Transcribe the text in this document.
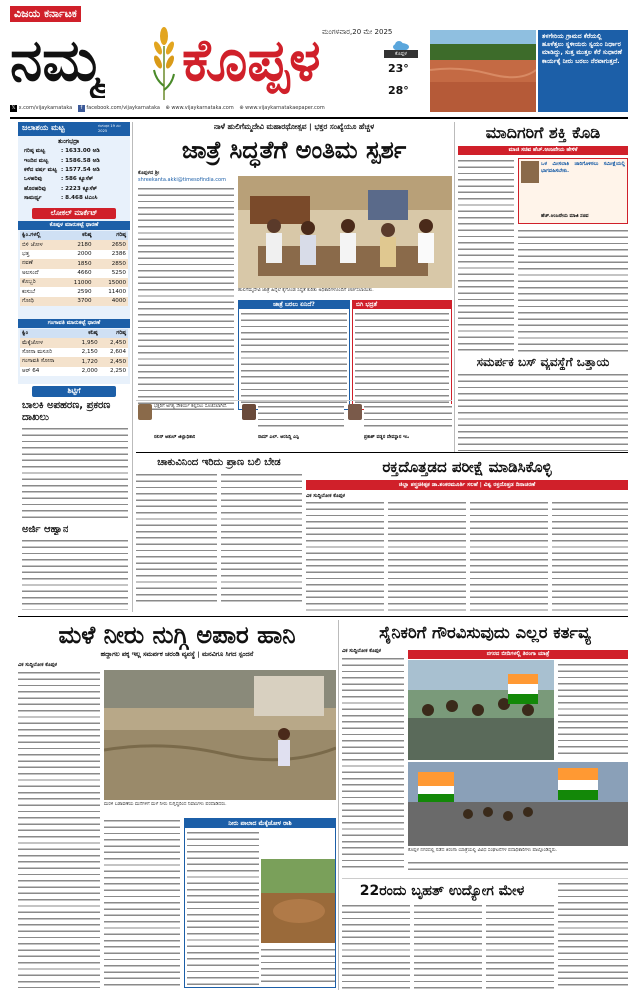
ವಿಜಯ ಕರ್ನಾಟಕ
ನಮ್ಮ ಕೊಪ್ಪಳ ಮಂಗಳವಾರ,20 ಮೇ 2025
ಕೊಪ್ಪಳ
23°
28°
ತಳಗೇರಿಯ ಗ್ರಾಮದ ಕೆರೆಯಲ್ಲಿ ಹೂಳೆತ್ತಲು ಸ್ಥಳೀಯರು ಸ್ವಯಂ ನಿರ್ಧಾರ ಮಾಡಿದ್ದು, ಸುತ್ತ ಮುತ್ತಲ ಕೆರೆ ಸುಧಾರಣೆ ಕಾರ್ಯಕ್ಕೆ ನೀರು ಬರಲು ನೆರವಾಗುತ್ತದೆ.
𝕏 x.com/vijaykarnataka f facebook.com/vijaykarnataka ⊕ www.vijaykarnataka.com ⊕ www.vijaykarnatakaepaper.com
ಜಲಾಶಯ ಮಟ್ಟ	ಕೆಂಗೆಂಥರ 19 ಮೇ 2025
ತುಂಗಭದ್ರಾ
ಗರಿಷ್ಠ ಮಟ್ಟ	: 1633.00 ಅಡಿ
ಇಂದಿನ ಮಟ್ಟ	: 1586.58 ಅಡಿ
ಕಳೆದ ವರ್ಷ ಮಟ್ಟ	: 1577.54 ಅಡಿ
ಒಳಹರಿವು	: 586 ಕ್ಯೂಸೆಕ್
ಹೊರಹರಿವು	: 2223 ಕ್ಯೂಸೆಕ್
ಸಾಮರ್ಥ್ಯ	: 8.468 ಟಿಎಂಸಿ
ಲೋಕಲ್ ಮಾರ್ಕೆಟ್
ಕೊಪ್ಪಳ ಮಾರುಕಟ್ಟೆ ಧಾರಣೆ
ಕ್ವಿಂ.ಗಳಲ್ಲಿ	ಕನಿಷ್ಠ	ಗರಿಷ್ಠ
ಬಿಳಿ ಜೋಳ	2180	2650
ಭತ್ತ	2000	2386
ನವಣೆ	1850	2850
ಅಲಸಂದೆ	4660	5250
ಕೊಬ್ಬರಿ	11000	15000
ಕುಸುಬೆ	2590	11400
ಗೋಧಿ	3700	4000
ಗಂಗಾವತಿ ಮಾರುಕಟ್ಟೆ ಧಾರಣೆ
ಕ್ವಿಂ	ಕನಿಷ್ಠ	ಗರಿಷ್ಠ
ಮೆಕ್ಕೆಜೋಳ	1,950	2,450
ಸೋನಾ ಮಸೂರಿ	2,150	2,604
ಗಂಗಾವತಿ ಸೋನಾ	1,720	2,450
ಆರ್ 64	2,000	2,250
ಶಿಟ್ಟಿಗೆ
ಬಾಲಕಿ ಅಪಹರಣ, ಪ್ರಕರಣ ದಾಖಲು
ಅರ್ಜಿ ಆಹ್ವಾನ
ನಾಳೆ ಹುಲಿಗೆಮ್ಮದೇವಿ ಮಹಾರಥೋತ್ಸವ | ಭಕ್ತರ ಸಂಖ್ಯೆಯೂ ಹೆಚ್ಚಳ
ಜಾತ್ರೆ ಸಿದ್ಧತೆಗೆ ಅಂತಿಮ ಸ್ಪರ್ಶ
ಕೊಪ್ಪಳದ ಶ್ರೀ
shreekanta.akki@timesofindia.com
ಹುಲಿಗೆಮ್ಮದೇವಿ ಜಾತ್ರೆ ಹಿನ್ನೆಲೆ ಕೈಗೊಂಡ ಸಿದ್ಧತೆ ಕುರಿತು ಅಧಿಕಾರಿಗಳೊಂದಿಗೆ ಚರ್ಚಿಸಲಾಯಿತು.
ಜಾತ್ರೆ ಬರಲು ಏನಿದೆ?	ಬಿಗಿ ಭದ್ರತೆ
ಭಕ್ತರಿಗೆ ಅಗತ್ಯ ಸೌಕರ್ಯ ಕಲ್ಪಿಸಲು ಸೂಚಿಸಲಾಗಿದೆ.
ನಲಿನ್ ಅತುಲ್ ಜಿಲ್ಲಾಧಿಕಾರಿ	ರಾಮ್ ಎಲ್. ಅರಸಿದ್ದಿ ಎಸ್ಪಿ	ಪ್ರಕಾಶ್ ವಡ್ಡರ ದೇವಸ್ಥಾನ ಇಒ
ಮಾದಿಗರಿಗೆ ಶಕ್ತಿ ಕೊಡಿ
ಮಾಜಿ ಸಚಿವ ಹೆಚ್.ಆಂಜನೇಯ ಹೇಳಿಕೆ
ಒಳ ಮೀಸಲಾತಿ ಜಾರಿಗೊಳಿಸಲು ಸಮೀಕ್ಷೆಯಲ್ಲಿ ಭಾಗವಹಿಸಬೇಕು.
ಹೆಚ್.ಆಂಜನೇಯ ಮಾಜಿ ಸಚಿವ
ಸಮರ್ಪಕ ಬಸ್ ವ್ಯವಸ್ಥೆಗೆ ಒತ್ತಾಯ
ಚಾಕುವಿನಿಂದ ಇರಿದು ಪ್ರಾಣ ಬಲಿ ಬೇಡ	ರಕ್ತದೊತ್ತಡದ ಪರೀಕ್ಷೆ ಮಾಡಿಸಿಕೊಳ್ಳಿ
ಜಿಲ್ಲಾ ಶಸ್ತ್ರಚಿಕಿತ್ಸಕ ಡಾ.ಶಂಕರಮೂರ್ತಿ ಸಲಹೆ | ವಿಶ್ವ ರಕ್ತದೊತ್ತಡ ದಿನಾಚರಣೆ
ವಿಕ ಸುದ್ದಿಲೋಕ ಕೊಪ್ಪಳ
ಮಳೆ ನೀರು ನುಗ್ಗಿ ಅಪಾರ ಹಾನಿ
ಹದ್ದಾಗಲ ಪಕ್ಕ ಇಲ್ಲ ಸಮರ್ಪಕ ಚರಂಡಿ ವ್ಯವಸ್ಥೆ | ಮನವಿಗೂ ಸಿಗದ ಸ್ಪಂದನೆ
ವಿಕ ಸುದ್ದಿಲೋಕ ಕೊಪ್ಪಳ
ಮರಳಿ ಬಡಾವಣೆಯ ಮನೆಗಳಿಗೆ ಮಳೆ ನೀರು ನುಗ್ಗಿದ್ದರಿಂದ ನಿವಾಸಿಗಳು ಪರದಾಡಿದರು.
ನೀರು ಪಾಲಾದ ಮೆಕ್ಕೆಜೋಳ ರಾಶಿ
ಸೈನಿಕರಿಗೆ ಗೌರವಿಸುವುದು ಎಲ್ಲರ ಕರ್ತವ್ಯ
ವಿಕ ಸುದ್ದಿಲೋಕ ಕೊಪ್ಪಳ	ನಗರದ ಬೀದಿಗಳಲ್ಲಿ ತಿರಂಗಾ ಯಾತ್ರೆ
ಕೊಪ್ಪಳ ನಗರದಲ್ಲಿ ನಡೆದ ತಿರಂಗಾ ಯಾತ್ರೆಯಲ್ಲಿ ವಿವಿಧ ಸಂಘಟನೆಗಳ ಪದಾಧಿಕಾರಿಗಳು ಪಾಲ್ಗೊಂಡಿದ್ದರು.
22ರಂದು ಬೃಹತ್ ಉದ್ಯೋಗ ಮೇಳ
